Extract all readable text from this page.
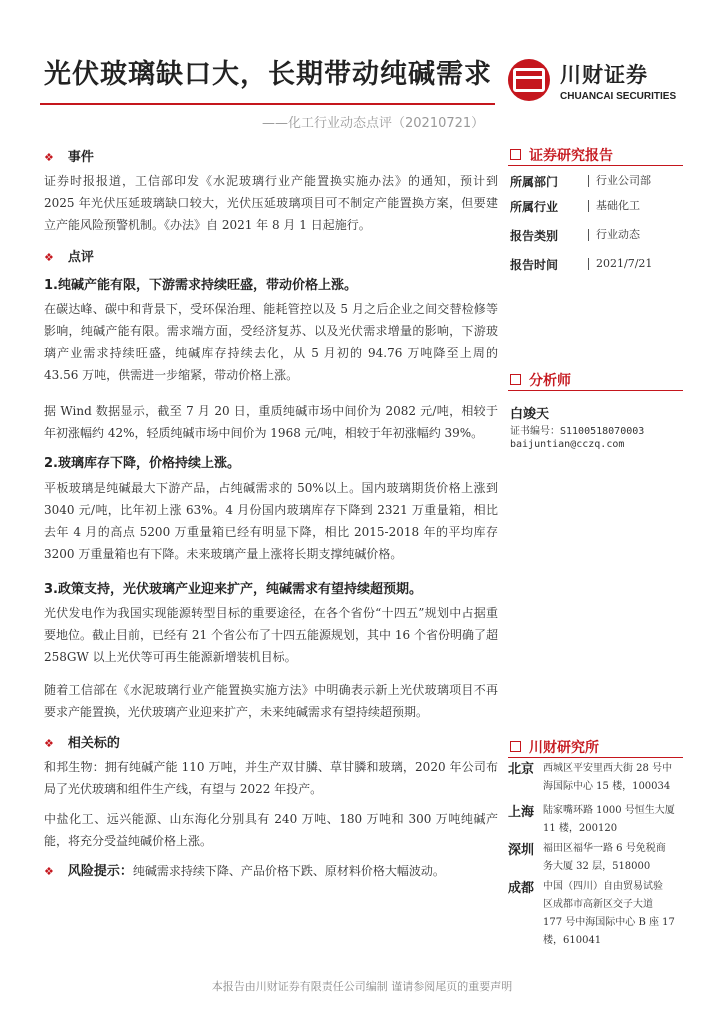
光伏玻璃缺口大，长期带动纯碱需求
——化工行业动态点评（20210721）
川财证券
CHUANCAI SECURITIES
❖ 事件
证券时报报道，工信部印发《水泥玻璃行业产能置换实施办法》的通知，预计到 2025 年光伏压延玻璃缺口较大，光伏压延玻璃项目可不制定产能置换方案，但要建立产能风险预警机制。《办法》自 2021 年 8 月 1 日起施行。
❖ 点评
1.纯碱产能有限，下游需求持续旺盛，带动价格上涨。
在碳达峰、碳中和背景下，受环保治理、能耗管控以及 5 月之后企业之间交替检修等影响，纯碱产能有限。需求端方面，受经济复苏、以及光伏需求增量的影响，下游玻璃产业需求持续旺盛，纯碱库存持续去化，从 5 月初的 94.76 万吨降至上周的 43.56 万吨，供需进一步缩紧，带动价格上涨。
据 Wind 数据显示，截至 7 月 20 日，重质纯碱市场中间价为 2082 元/吨，相较于年初涨幅约 42%，轻质纯碱市场中间价为 1968 元/吨，相较于年初涨幅约 39%。
2.玻璃库存下降，价格持续上涨。
平板玻璃是纯碱最大下游产品，占纯碱需求的 50%以上。国内玻璃期货价格上涨到 3040 元/吨，比年初上涨 63%。4 月份国内玻璃库存下降到 2321 万重量箱，相比去年 4 月的高点 5200 万重量箱已经有明显下降，相比 2015-2018 年的平均库存 3200 万重量箱也有下降。未来玻璃产量上涨将长期支撑纯碱价格。
3.政策支持，光伏玻璃产业迎来扩产，纯碱需求有望持续超预期。
光伏发电作为我国实现能源转型目标的重要途径，在各个省份“十四五”规划中占据重要地位。截止目前，已经有 21 个省公布了十四五能源规划，其中 16 个省份明确了超 258GW 以上光伏等可再生能源新增装机目标。
随着工信部在《水泥玻璃行业产能置换实施方法》中明确表示新上光伏玻璃项目不再要求产能置换，光伏玻璃产业迎来扩产，未来纯碱需求有望持续超预期。
❖ 相关标的
和邦生物：拥有纯碱产能 110 万吨，并生产双甘膦、草甘膦和玻璃，2020 年公司布局了光伏玻璃和组件生产线，有望与 2022 年投产。
中盐化工、远兴能源、山东海化分别具有 240 万吨、180 万吨和 300 万吨纯碱产能，将充分受益纯碱价格上涨。
❖ 风险提示：纯碱需求持续下降、产品价格下跌、原材料价格大幅波动。
证券研究报告
所属部门	行业公司部
所属行业	基础化工
报告类别	行业动态
报告时间	2021/7/21
分析师
白竣天
证书编号：S1100518070003
baijuntian@cczq.com
川财研究所
北京 西城区平安里西大街 28 号中
海国际中心 15 楼，100034
上海 陆家嘴环路 1000 号恒生大厦
11 楼，200120
深圳 福田区福华一路 6 号免税商
务大厦 32 层，518000
成都 中国（四川）自由贸易试验
区成都市高新区交子大道
177 号中海国际中心 B 座 17
楼，610041
本报告由川财证券有限责任公司编制 谨请参阅尾页的重要声明
